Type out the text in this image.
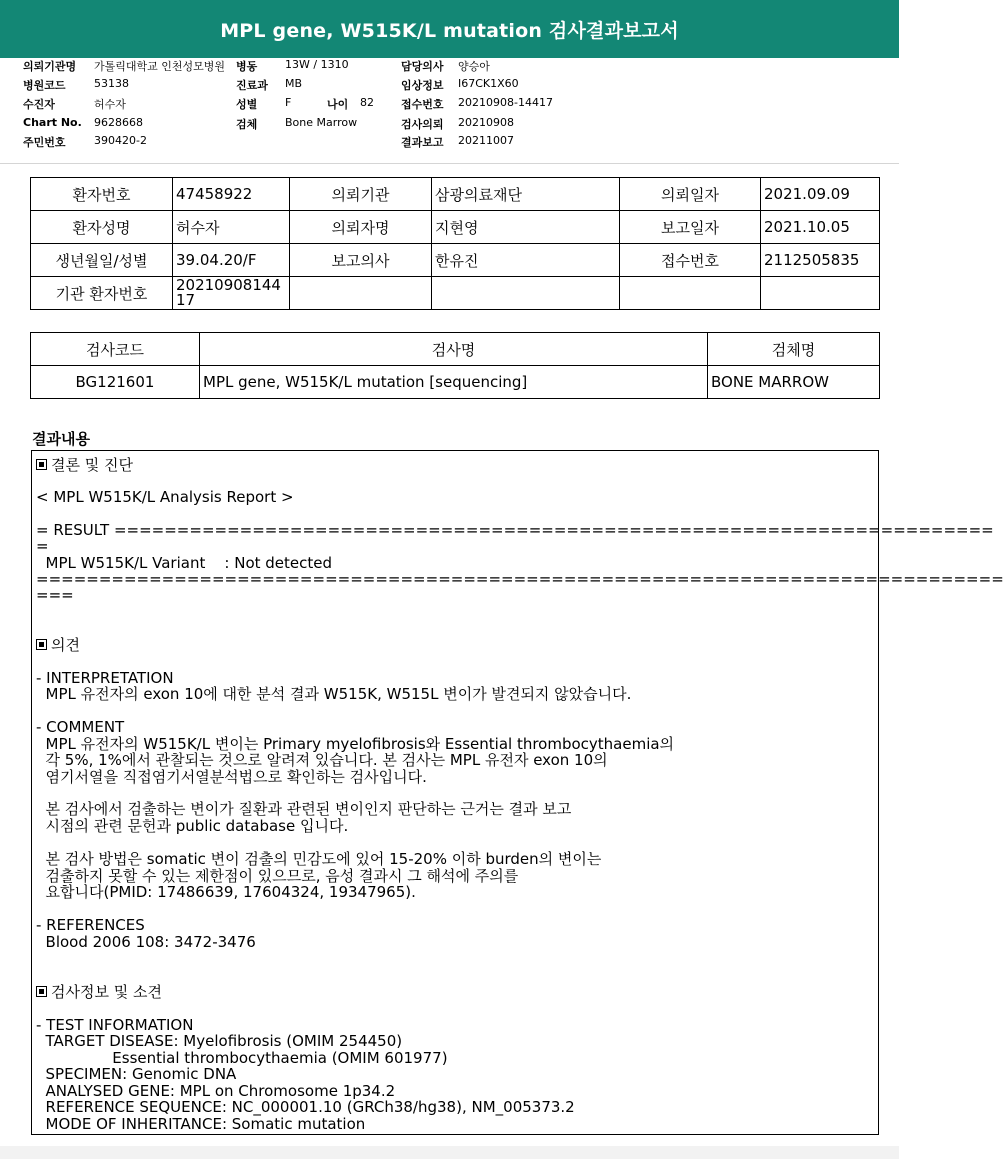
MPL gene, W515K/L mutation 검사결과보고서
의뢰기관명 가톨릭대학교 인천성모병원
병원코드	53138
수진자	허수자
Chart No. 9628668
주민번호	390420-2
병동	13W / 1310
진료과 MB
성별	F	나이 82
검체	Bone Marrow
담당의사 양승아
임상정보 I67CK1X60
접수번호 20210908-14417
검사의뢰 20210908
결과보고 20211007
환자번호	47458922	의뢰기관	삼광의료재단	의뢰일자	2021.09.09
환자성명	허수자	의뢰자명	지현영	보고일자	2021.10.05
생년월일/성별	39.04.20/F	보고의사	한유진	접수번호	2112505835
기관 환자번호	20210908144
17				

검사코드	검사명	검체명
BG121601	MPL gene, W515K/L mutation [sequencing]	BONE MARROW
결과내용
결론 및 진단
< MPL W515K/L Analysis Report >
= RESULT ======================================================================
=
MPL W515K/L Variant    : Not detected
=============================================================================
===
의견
- INTERPRETATION
MPL 유전자의 exon 10에 대한 분석 결과 W515K, W515L 변이가 발견되지 않았습니다.
- COMMENT
MPL 유전자의 W515K/L 변이는 Primary myelofibrosis와 Essential thrombocythaemia의
각 5%, 1%에서 관찰되는 것으로 알려져 있습니다. 본 검사는 MPL 유전자 exon 10의
염기서열을 직접염기서열분석법으로 확인하는 검사입니다.
본 검사에서 검출하는 변이가 질환과 관련된 변이인지 판단하는 근거는 결과 보고
시점의 관련 문헌과 public database 입니다.
본 검사 방법은 somatic 변이 검출의 민감도에 있어 15-20% 이하 burden의 변이는
검출하지 못할 수 있는 제한점이 있으므로, 음성 결과시 그 해석에 주의를
요합니다(PMID: 17486639, 17604324, 19347965).
- REFERENCES
Blood 2006 108: 3472-3476
검사정보 및 소견
- TEST INFORMATION
TARGET DISEASE: Myelofibrosis (OMIM 254450)
Essential thrombocythaemia (OMIM 601977)
SPECIMEN: Genomic DNA
ANALYSED GENE: MPL on Chromosome 1p34.2
REFERENCE SEQUENCE: NC_000001.10 (GRCh38/hg38), NM_005373.2
MODE OF INHERITANCE: Somatic mutation
